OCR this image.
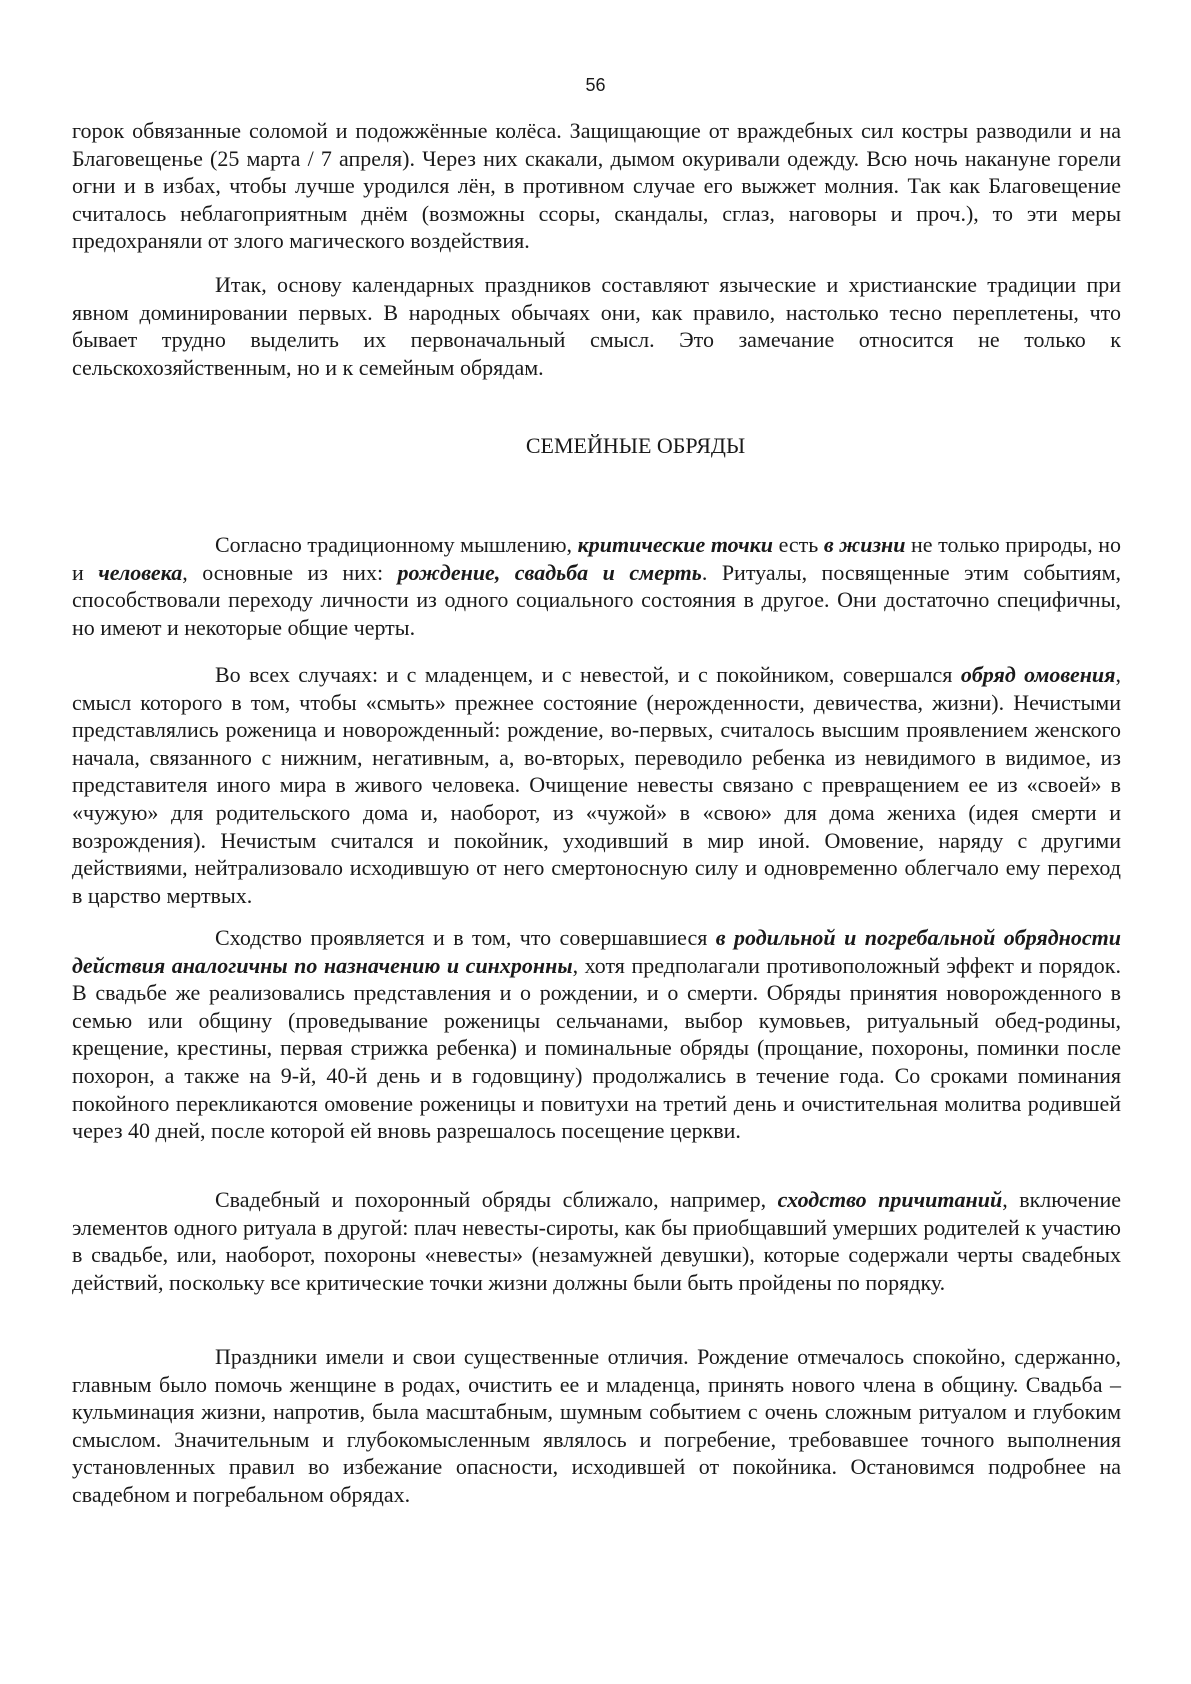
56

горок обвязанные соломой и подожжённые колёса. Защищающие от враждебных сил костры разводили и на Благовещенье (25 марта / 7 апреля). Через них скакали, дымом окуривали одежду. Всю ночь накануне горели огни и в избах, чтобы лучше уродился лён, в противном случае его выжжет молния. Так как Благовещение считалось неблагоприятным днём (возможны ссоры, скандалы, сглаз, наговоры и проч.), то эти меры предохраняли от злого магического воздействия.

Итак, основу календарных праздников составляют языческие и христианские традиции при явном доминировании первых. В народных обычаях они, как правило, настолько тесно переплетены, что бывает трудно выделить их первоначальный смысл. Это замечание относится не только к сельскохозяйственным, но и к семейным обрядам.

СЕМЕЙНЫЕ ОБРЯДЫ

Согласно традиционному мышлению, критические точки есть в жизни не только природы, но и человека, основные из них: рождение, свадьба и смерть. Ритуалы, посвященные этим событиям, способствовали переходу личности из одного социального состояния в другое. Они достаточно специфичны, но имеют и некоторые общие черты.

Во всех случаях: и с младенцем, и с невестой, и с покойником, совершался обряд омовения, смысл которого в том, чтобы «смыть» прежнее состояние (нерожденности, девичества, жизни). Нечистыми представлялись роженица и новорожденный: рождение, во-первых, считалось высшим проявлением женского начала, связанного с нижним, негативным, а, во-вторых, переводило ребенка из невидимого в видимое, из представителя иного мира в живого человека. Очищение невесты связано с превращением ее из «своей» в «чужую» для родительского дома и, наоборот, из «чужой» в «свою» для дома жениха (идея смерти и возрождения). Нечистым считался и покойник, уходивший в мир иной. Омовение, наряду с другими действиями, нейтрализовало исходившую от него смертоносную силу и одновременно облегчало ему переход в царство мертвых.

Сходство проявляется и в том, что совершавшиеся в родильной и погребальной обрядности действия аналогичны по назначению и синхронны, хотя предполагали противоположный эффект и порядок. В свадьбе же реализовались представления и о рождении, и о смерти. Обряды принятия новорожденного в семью или общину (проведывание роженицы сельчанами, выбор кумовьев, ритуальный обед-родины, крещение, крестины, первая стрижка ребенка) и поминальные обряды (прощание, похороны, поминки после похорон, а также на 9-й, 40-й день и в годовщину) продолжались в течение года. Со сроками поминания покойного перекликаются омовение роженицы и повитухи на третий день и очистительная молитва родившей через 40 дней, после которой ей вновь разрешалось посещение церкви.

Свадебный и похоронный обряды сближало, например, сходство причитаний, включение элементов одного ритуала в другой: плач невесты-сироты, как бы приобщавший умерших родителей к участию в свадьбе, или, наоборот, похороны «невесты» (незамужней девушки), которые содержали черты свадебных действий, поскольку все критические точки жизни должны были быть пройдены по порядку.

Праздники имели и свои существенные отличия. Рождение отмечалось спокойно, сдержанно, главным было помочь женщине в родах, очистить ее и младенца, принять нового члена в общину. Свадьба – кульминация жизни, напротив, была масштабным, шумным событием с очень сложным ритуалом и глубоким смыслом. Значительным и глубокомысленным являлось и погребение, требовавшее точного выполнения установленных правил во избежание опасности, исходившей от покойника. Остановимся подробнее на свадебном и погребальном обрядах.
